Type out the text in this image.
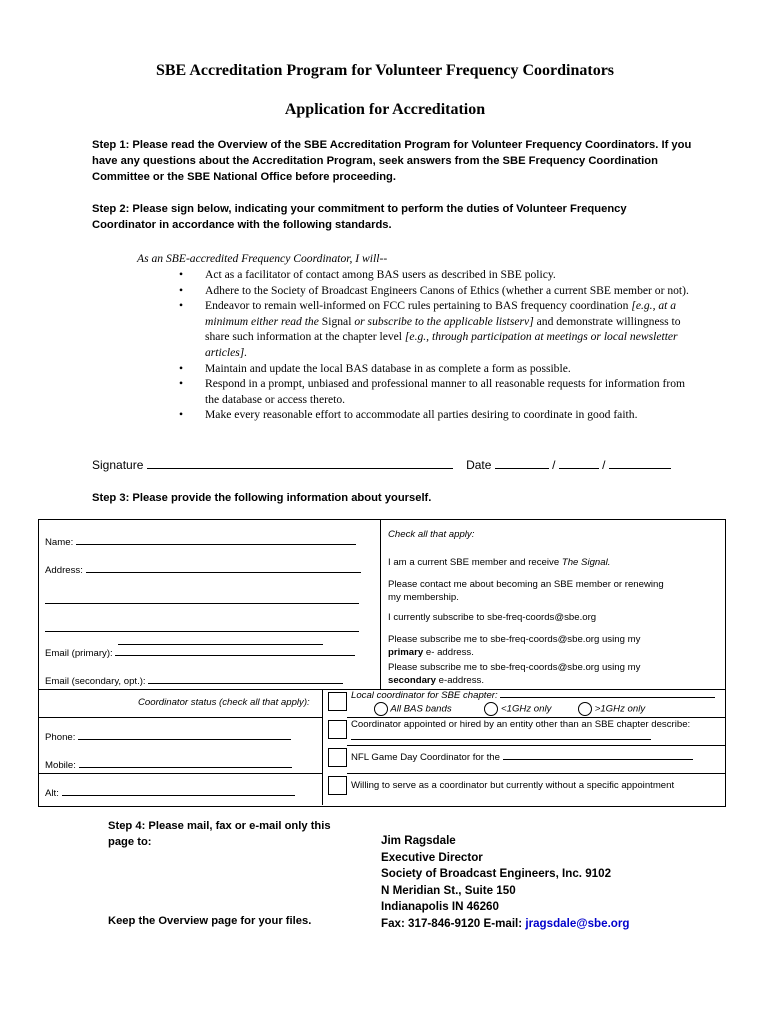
SBE Accreditation Program for Volunteer Frequency Coordinators
Application for Accreditation
Step 1: Please read the Overview of the SBE Accreditation Program for Volunteer Frequency Coordinators. If you have any questions about the Accreditation Program, seek answers from the SBE Frequency Coordination Committee or the SBE National Office before proceeding.
Step 2: Please sign below, indicating your commitment to perform the duties of Volunteer Frequency Coordinator in accordance with the following standards.
As an SBE-accredited Frequency Coordinator, I will--
• Act as a facilitator of contact among BAS users as described in SBE policy.
• Adhere to the Society of Broadcast Engineers Canons of Ethics (whether a current SBE member or not).
• Endeavor to remain well-informed on FCC rules pertaining to BAS frequency coordination [e.g., at a minimum either read the Signal or subscribe to the applicable listserv] and demonstrate willingness to share such information at the chapter level [e.g., through participation at meetings or local newsletter articles].
• Maintain and update the local BAS database in as complete a form as possible.
• Respond in a prompt, unbiased and professional manner to all reasonable requests for information from the database or access thereto.
• Make every reasonable effort to accommodate all parties desiring to coordinate in good faith.
Signature	Date	/	/
Step 3: Please provide the following information about yourself.
Name:
Address:
Email (primary):
Email (secondary, opt.):
Coordinator status (check all that apply):
Phone:
Mobile:
Alt:
Check all that apply:
I am a current SBE member and receive The Signal.
Please contact me about becoming an SBE member or renewing my membership.
I currently subscribe to sbe-freq-coords@sbe.org
Please subscribe me to sbe-freq-coords@sbe.org using my
primary e- address.
Please subscribe me to sbe-freq-coords@sbe.org using my
secondary e-address.
Local coordinator for SBE chapter:
All BAS bands	<1GHz only	>1GHz only
Coordinator appointed or hired by an entity other than an SBE chapter describe:
NFL Game Day Coordinator for the
Willing to serve as a coordinator but currently without a specific appointment
Step 4: Please mail, fax or e-mail only this page to:
Keep the Overview page for your files.
Jim Ragsdale
Executive Director
Society of Broadcast Engineers, Inc. 9102
N Meridian St., Suite 150
Indianapolis IN 46260
Fax: 317-846-9120 E-mail: jragsdale@sbe.org
